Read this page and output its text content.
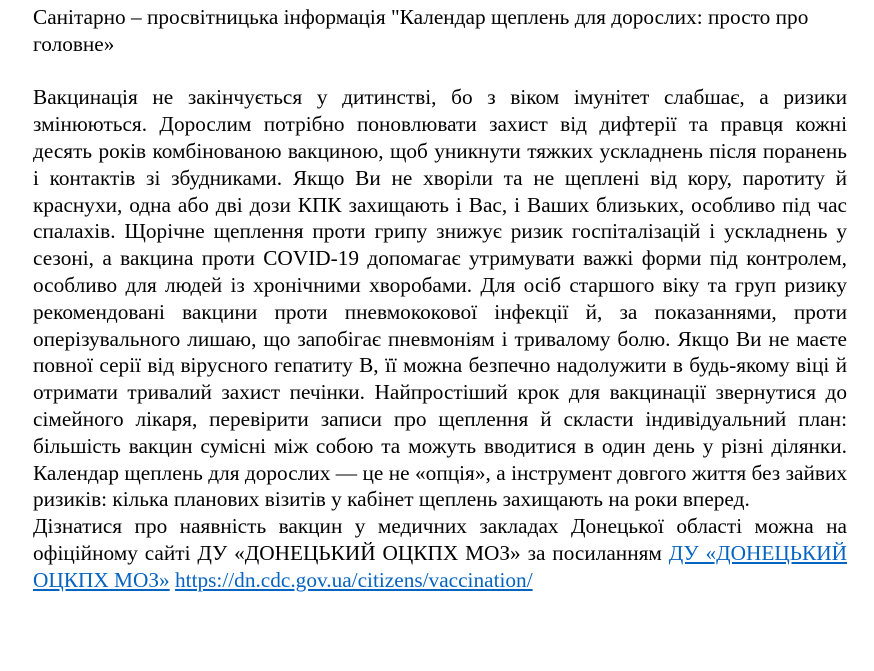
Санітарно – просвітницька інформація "Календар щеплень для дорослих: просто про головне»

Вакцинація не закінчується у дитинстві, бо з віком імунітет слабшає, а ризики змінюються. Дорослим потрібно поновлювати захист від дифтерії та правця кожні десять років комбінованою вакциною, щоб уникнути тяжких ускладнень після поранень і контактів зі збудниками. Якщо Ви не хворіли та не щеплені від кору, паротиту й краснухи, одна або дві дози КПК захищають і Вас, і Ваших близьких, особливо під час спалахів. Щорічне щеплення проти грипу знижує ризик госпіталізацій і ускладнень у сезоні, а вакцина проти COVID-19 допомагає утримувати важкі форми під контролем, особливо для людей із хронічними хворобами. Для осіб старшого віку та груп ризику рекомендовані вакцини проти пневмококової інфекції й, за показаннями, проти оперізувального лишаю, що запобігає пневмоніям і тривалому болю. Якщо Ви не маєте повної серії від вірусного гепатиту В, її можна безпечно надолужити в будь-якому віці й отримати тривалий захист печінки. Найпростіший крок для вакцинації звернутися до сімейного лікаря, перевірити записи про щеплення й скласти індивідуальний план: більшість вакцин сумісні між собою та можуть вводитися в один день у різні ділянки. Календар щеплень для дорослих — це не «опція», а інструмент довгого життя без зайвих ризиків: кілька планових візитів у кабінет щеплень захищають на роки вперед.

Дізнатися про наявність вакцин у медичних закладах Донецької області можна на офіційному сайті ДУ «ДОНЕЦЬКИЙ ОЦКПХ МОЗ» за посиланням ДУ «ДОНЕЦЬКИЙ ОЦКПХ МОЗ» https://dn.cdc.gov.ua/citizens/vaccination/
